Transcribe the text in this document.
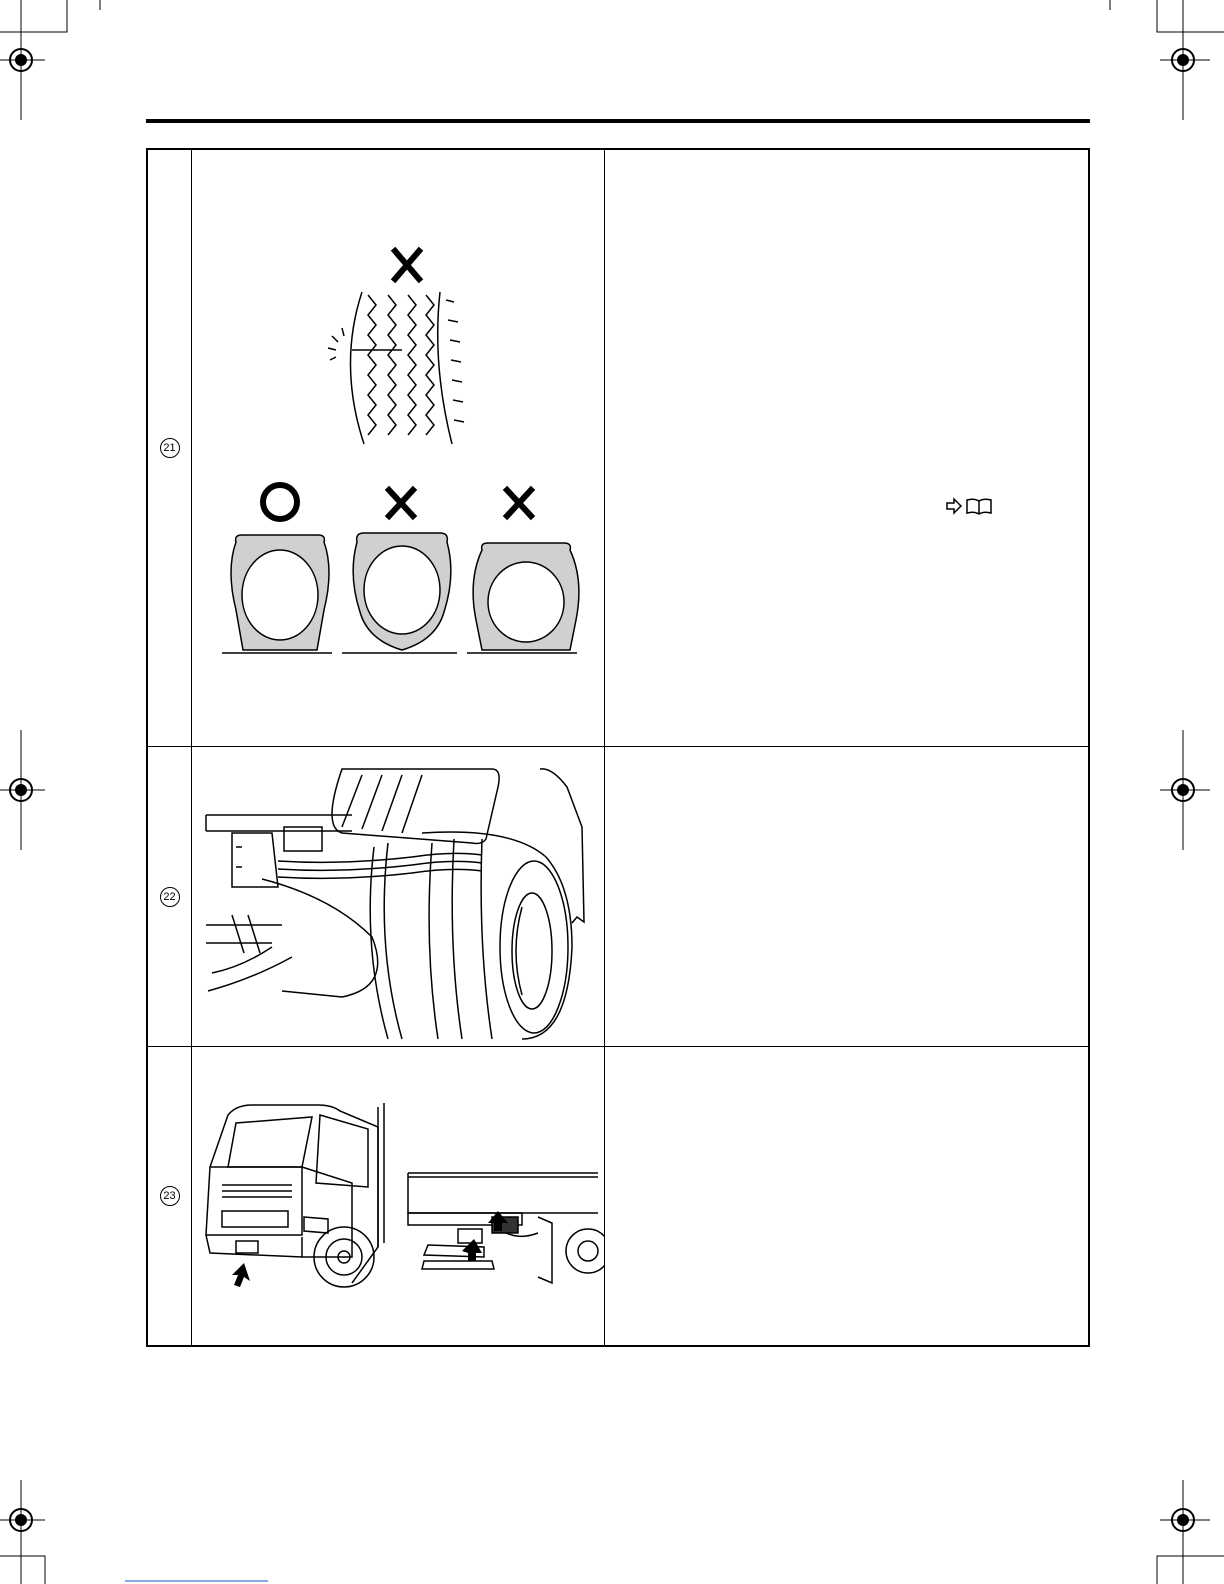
21
22
23
